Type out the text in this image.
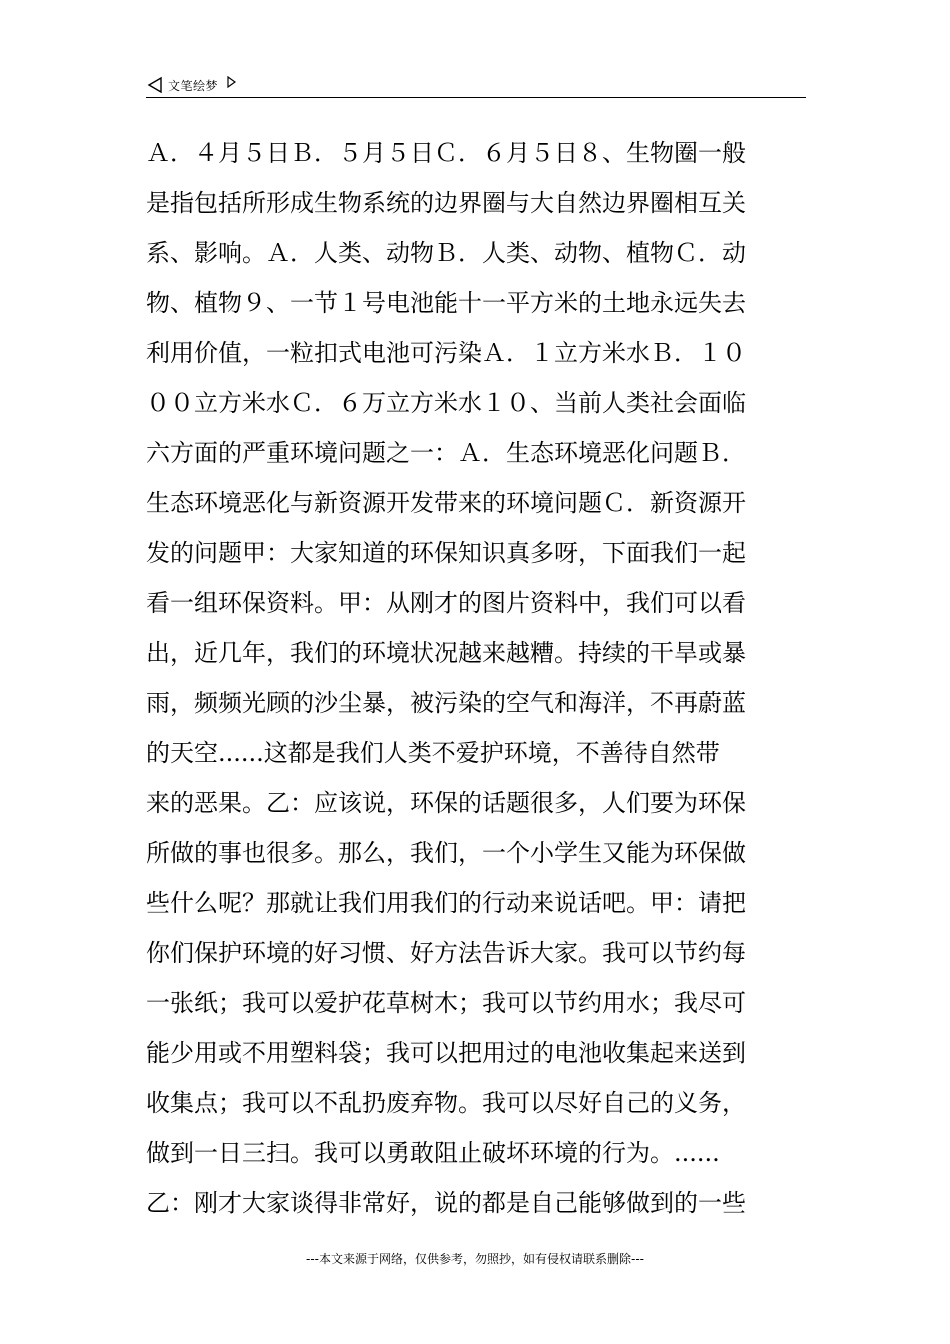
文笔绘梦
Ａ．４月５日Ｂ．５月５日Ｃ．６月５日８、生物圈一般
是指包括所形成生物系统的边界圈与大自然边界圈相互关
系、影响。Ａ．人类、动物Ｂ．人类、动物、植物Ｃ．动
物、植物９、一节１号电池能十一平方米的土地永远失去
利用价值，一粒扣式电池可污染Ａ．１立方米水Ｂ．１０
００立方米水Ｃ．６万立方米水１０、当前人类社会面临
六方面的严重环境问题之一：Ａ．生态环境恶化问题Ｂ．
生态环境恶化与新资源开发带来的环境问题Ｃ．新资源开
发的问题甲：大家知道的环保知识真多呀，下面我们一起
看一组环保资料。甲：从刚才的图片资料中，我们可以看
出，近几年，我们的环境状况越来越糟。持续的干旱或暴
雨，频频光顾的沙尘暴，被污染的空气和海洋，不再蔚蓝
的天空......这都是我们人类不爱护环境，不善待自然带
来的恶果。乙：应该说，环保的话题很多，人们要为环保
所做的事也很多。那么，我们，一个小学生又能为环保做
些什么呢？那就让我们用我们的行动来说话吧。甲：请把
你们保护环境的好习惯、好方法告诉大家。我可以节约每
一张纸；我可以爱护花草树木；我可以节约用水；我尽可
能少用或不用塑料袋；我可以把用过的电池收集起来送到
收集点；我可以不乱扔废弃物。我可以尽好自己的义务，
做到一日三扫。我可以勇敢阻止破坏环境的行为。......
乙：刚才大家谈得非常好，说的都是自己能够做到的一些
---本文来源于网络，仅供参考，勿照抄，如有侵权请联系删除---
